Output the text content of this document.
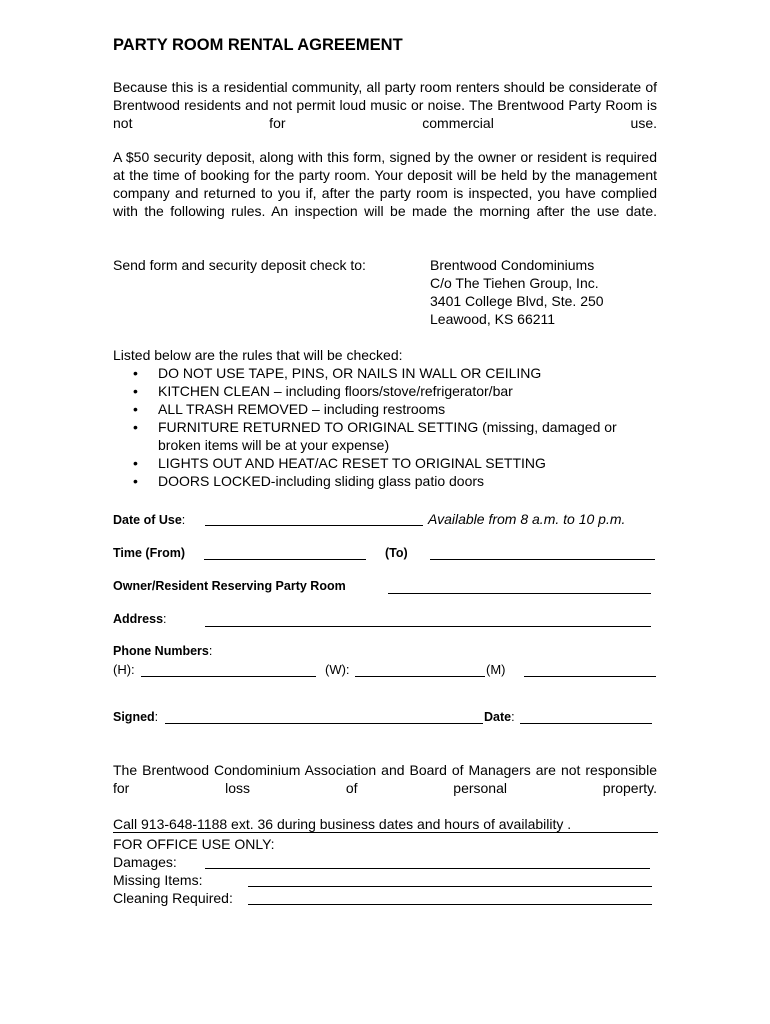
PARTY ROOM RENTAL AGREEMENT
Because this is a residential community, all party room renters should be considerate of Brentwood residents and not permit loud music or noise. The Brentwood Party Room is not for commercial use.
A $50 security deposit, along with this form, signed by the owner or resident is required at the time of booking for the party room. Your deposit will be held by the management company and returned to you if, after the party room is inspected, you have complied with the following rules. An inspection will be made the morning after the use date.
Send form and security deposit check to:	Brentwood Condominiums
C/o The Tiehen Group, Inc.
3401 College Blvd, Ste. 250
Leawood, KS 66211
Listed below are the rules that will be checked:
• DO NOT USE TAPE, PINS, OR NAILS IN WALL OR CEILING
• KITCHEN CLEAN – including floors/stove/refrigerator/bar
• ALL TRASH REMOVED – including restrooms
• FURNITURE RETURNED TO ORIGINAL SETTING (missing, damaged or broken items will be at your expense)
• LIGHTS OUT AND HEAT/AC RESET TO ORIGINAL SETTING
• DOORS LOCKED-including sliding glass patio doors
Date of Use:	Available from 8 a.m. to 10 p.m.
Time (From)	(To)
Owner/Resident Reserving Party Room
Address:
Phone Numbers:
(H):	(W):	(M)
Signed:	Date:
The Brentwood Condominium Association and Board of Managers are not responsible for loss of personal property.
Call 913-648-1188 ext. 36 during business dates and hours of availability .
FOR OFFICE USE ONLY:
Damages:
Missing Items:
Cleaning Required:
